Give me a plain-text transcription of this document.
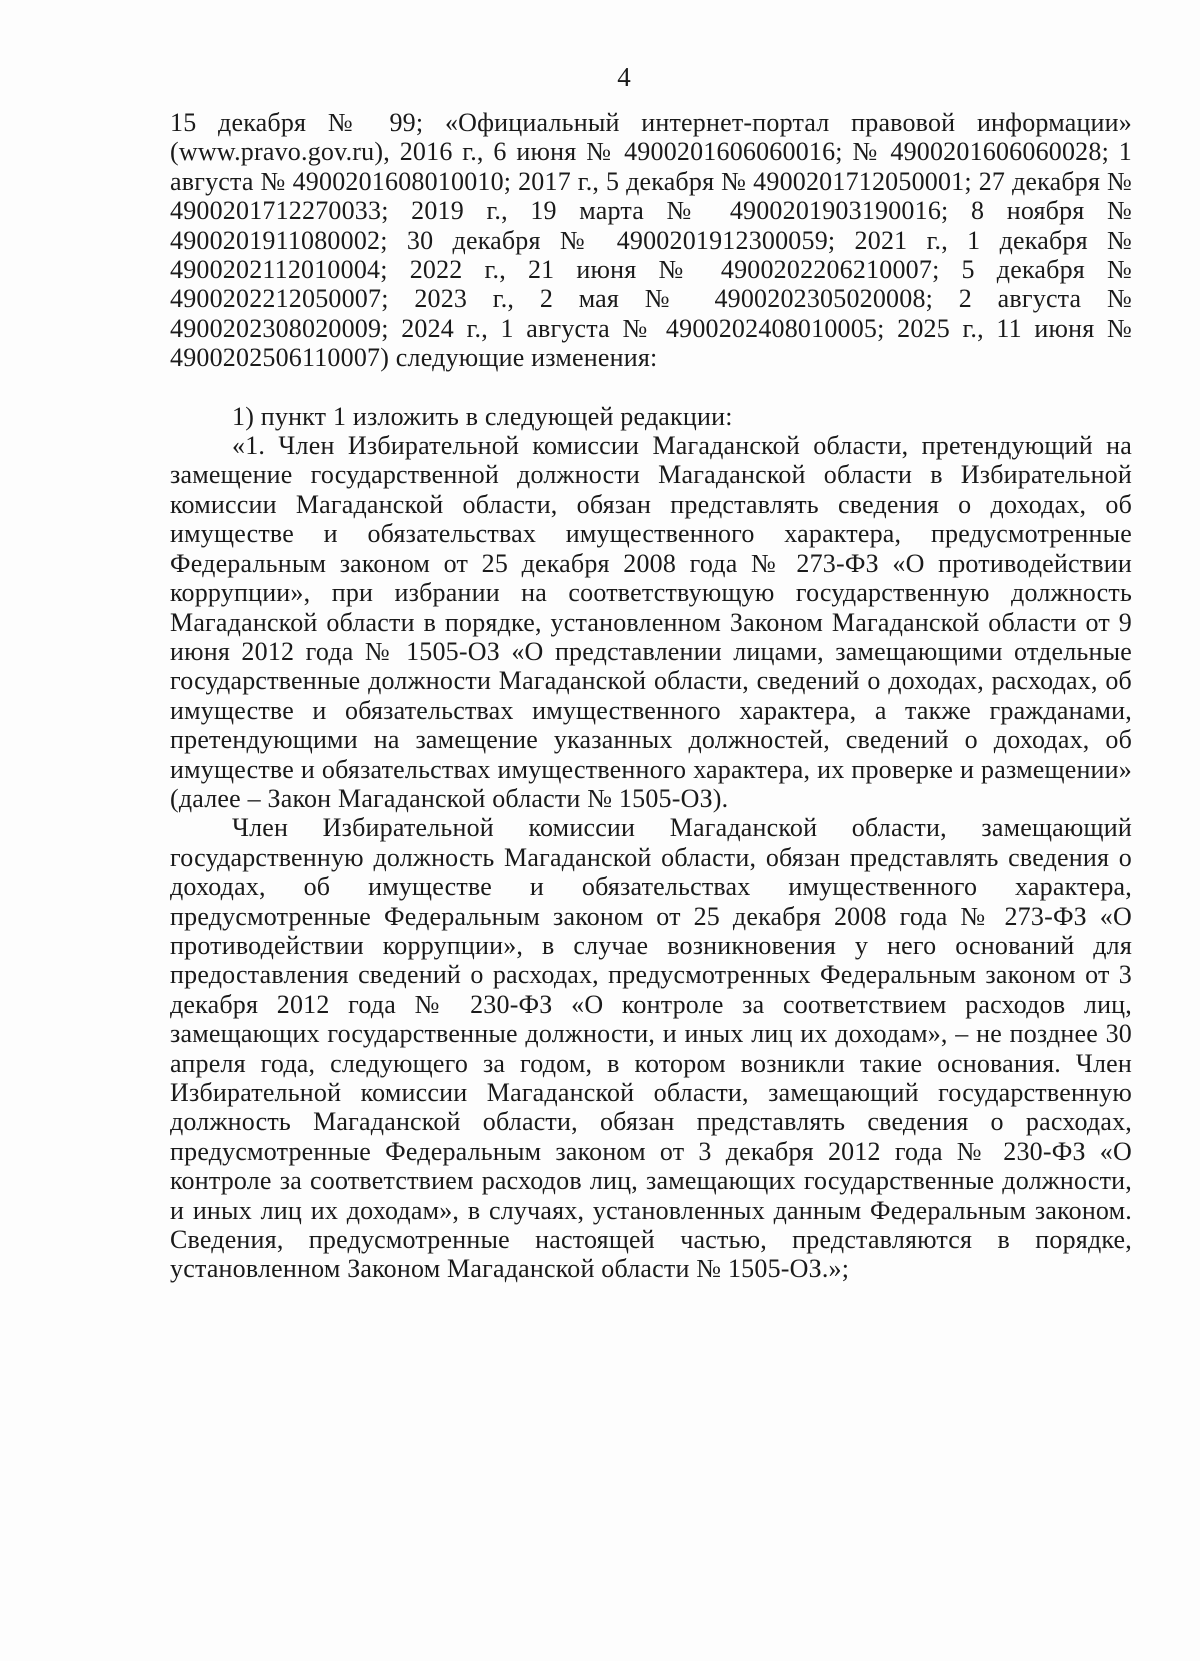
4

15 декабря № 99; «Официальный интернет-портал правовой информации» (www.pravo.gov.ru), 2016 г., 6 июня № 4900201606060016; № 4900201606060028; 1 августа № 4900201608010010; 2017 г., 5 декабря № 4900201712050001; 27 декабря № 4900201712270033; 2019 г., 19 марта № 4900201903190016; 8 ноября № 4900201911080002; 30 декабря № 4900201912300059; 2021 г., 1 декабря № 4900202112010004; 2022 г., 21 июня № 4900202206210007; 5 декабря № 4900202212050007; 2023 г., 2 мая № 4900202305020008; 2 августа № 4900202308020009; 2024 г., 1 августа № 4900202408010005; 2025 г., 11 июня № 4900202506110007) следующие изменения:

1) пункт 1 изложить в следующей редакции:

«1. Член Избирательной комиссии Магаданской области, претендующий на замещение государственной должности Магаданской области в Избирательной комиссии Магаданской области, обязан представлять сведения о доходах, об имуществе и обязательствах имущественного характера, предусмотренные Федеральным законом от 25 декабря 2008 года № 273-ФЗ «О противодействии коррупции», при избрании на соответствующую государственную должность Магаданской области в порядке, установленном Законом Магаданской области от 9 июня 2012 года № 1505-ОЗ «О представлении лицами, замещающими отдельные государственные должности Магаданской области, сведений о доходах, расходах, об имуществе и обязательствах имущественного характера, а также гражданами, претендующими на замещение указанных должностей, сведений о доходах, об имуществе и обязательствах имущественного характера, их проверке и размещении» (далее – Закон Магаданской области № 1505-ОЗ).

Член Избирательной комиссии Магаданской области, замещающий государственную должность Магаданской области, обязан представлять сведения о доходах, об имуществе и обязательствах имущественного характера, предусмотренные Федеральным законом от 25 декабря 2008 года № 273-ФЗ «О противодействии коррупции», в случае возникновения у него оснований для предоставления сведений о расходах, предусмотренных Федеральным законом от 3 декабря 2012 года № 230-ФЗ «О контроле за соответствием расходов лиц, замещающих государственные должности, и иных лиц их доходам», – не позднее 30 апреля года, следующего за годом, в котором возникли такие основания. Член Избирательной комиссии Магаданской области, замещающий государственную должность Магаданской области, обязан представлять сведения о расходах, предусмотренные Федеральным законом от 3 декабря 2012 года № 230-ФЗ «О контроле за соответствием расходов лиц, замещающих государственные должности, и иных лиц их доходам», в случаях, установленных данным Федеральным законом. Сведения, предусмотренные настоящей частью, представляются в порядке, установленном Законом Магаданской области № 1505-ОЗ.»;
